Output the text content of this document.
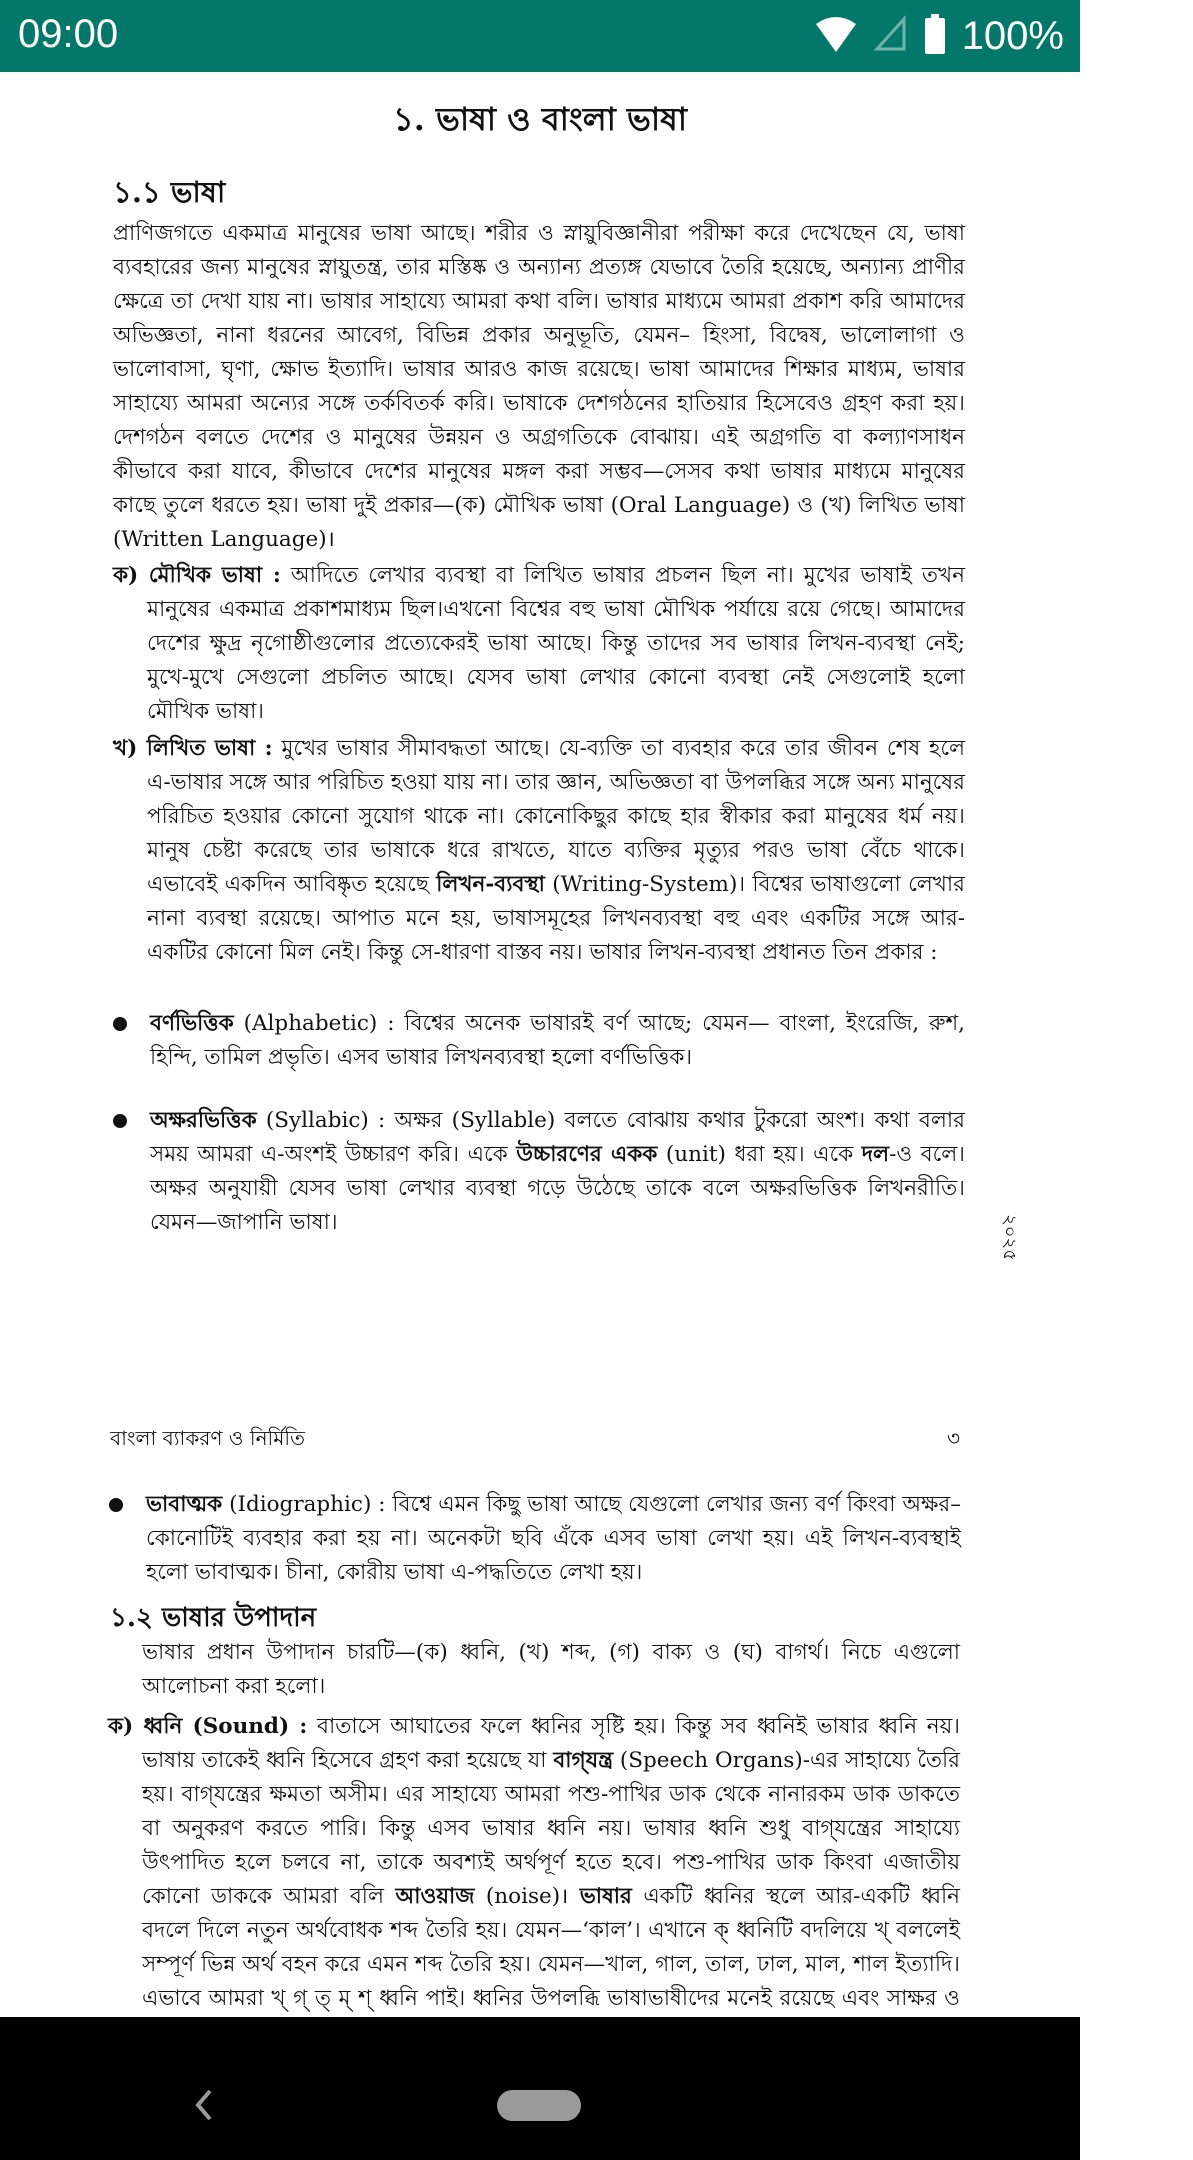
09:00	100%
১. ভাষা ও বাংলা ভাষা
১.১ ভাষা
প্রাণিজগতে একমাত্র মানুষের ভাষা আছে। শরীর ও স্নায়ুবিজ্ঞানীরা পরীক্ষা করে দেখেছেন যে, ভাষা ব্যবহারের জন্য মানুষের স্নায়ুতন্ত্র, তার মস্তিষ্ক ও অন্যান্য প্রত্যঙ্গ যেভাবে তৈরি হয়েছে, অন্যান্য প্রাণীর ক্ষেত্রে তা দেখা যায় না। ভাষার সাহায্যে আমরা কথা বলি। ভাষার মাধ্যমে আমরা প্রকাশ করি আমাদের অভিজ্ঞতা, নানা ধরনের আবেগ, বিভিন্ন প্রকার অনুভূতি, যেমন– হিংসা, বিদ্বেষ, ভালোলাগা ও ভালোবাসা, ঘৃণা, ক্ষোভ ইত্যাদি। ভাষার আরও কাজ রয়েছে। ভাষা আমাদের শিক্ষার মাধ্যম, ভাষার সাহায্যে আমরা অন্যের সঙ্গে তর্কবিতর্ক করি। ভাষাকে দেশগঠনের হাতিয়ার হিসেবেও গ্রহণ করা হয়। দেশগঠন বলতে দেশের ও মানুষের উন্নয়ন ও অগ্রগতিকে বোঝায়। এই অগ্রগতি বা কল্যাণসাধন কীভাবে করা যাবে, কীভাবে দেশের মানুষের মঙ্গল করা সম্ভব—সেসব কথা ভাষার মাধ্যমে মানুষের কাছে তুলে ধরতে হয়। ভাষা দুই প্রকার—(ক) মৌখিক ভাষা (Oral Language) ও (খ) লিখিত ভাষা (Written Language)।
ক) মৌখিক ভাষা : আদিতে লেখার ব্যবস্থা বা লিখিত ভাষার প্রচলন ছিল না। মুখের ভাষাই তখন মানুষের একমাত্র প্রকাশমাধ্যম ছিল।এখনো বিশ্বের বহু ভাষা মৌখিক পর্যায়ে রয়ে গেছে। আমাদের দেশের ক্ষুদ্র নৃগোষ্ঠীগুলোর প্রত্যেকেরই ভাষা আছে। কিন্তু তাদের সব ভাষার লিখন-ব্যবস্থা নেই; মুখে-মুখে সেগুলো প্রচলিত আছে। যেসব ভাষা লেখার কোনো ব্যবস্থা নেই সেগুলোই হলো মৌখিক ভাষা।
খ) লিখিত ভাষা : মুখের ভাষার সীমাবদ্ধতা আছে। যে-ব্যক্তি তা ব্যবহার করে তার জীবন শেষ হলে এ-ভাষার সঙ্গে আর পরিচিত হওয়া যায় না। তার জ্ঞান, অভিজ্ঞতা বা উপলব্ধির সঙ্গে অন্য মানুষের পরিচিত হওয়ার কোনো সুযোগ থাকে না। কোনোকিছুর কাছে হার স্বীকার করা মানুষের ধর্ম নয়। মানুষ চেষ্টা করেছে তার ভাষাকে ধরে রাখতে, যাতে ব্যক্তির মৃত্যুর পরও ভাষা বেঁচে থাকে। এভাবেই একদিন আবিষ্কৃত হয়েছে লিখন-ব্যবস্থা (Writing-System)। বিশ্বের ভাষাগুলো লেখার নানা ব্যবস্থা রয়েছে। আপাত মনে হয়, ভাষাসমূহের লিখনব্যবস্থা বহু এবং একটির সঙ্গে আর-একটির কোনো মিল নেই। কিন্তু সে-ধারণা বাস্তব নয়। ভাষার লিখন-ব্যবস্থা প্রধানত তিন প্রকার :
বর্ণভিত্তিক (Alphabetic) : বিশ্বের অনেক ভাষারই বর্ণ আছে; যেমন— বাংলা, ইংরেজি, রুশ, হিন্দি, তামিল প্রভৃতি। এসব ভাষার লিখনব্যবস্থা হলো বর্ণভিত্তিক।
অক্ষরভিত্তিক (Syllabic) : অক্ষর (Syllable) বলতে বোঝায় কথার টুকরো অংশ। কথা বলার সময় আমরা এ-অংশই উচ্চারণ করি। একে উচ্চারণের একক (unit) ধরা হয়। একে দল-ও বলে। অক্ষর অনুযায়ী যেসব ভাষা লেখার ব্যবস্থা গড়ে উঠেছে তাকে বলে অক্ষরভিত্তিক লিখনরীতি। যেমন—জাপানি ভাষা।	২০২৫
বাংলা ব্যাকরণ ও নির্মিতি	৩
ভাবাত্মক (Idiographic) : বিশ্বে এমন কিছু ভাষা আছে যেগুলো লেখার জন্য বর্ণ কিংবা অক্ষর– কোনোটিই ব্যবহার করা হয় না। অনেকটা ছবি এঁকে এসব ভাষা লেখা হয়। এই লিখন-ব্যবস্থাই হলো ভাবাত্মক। চীনা, কোরীয় ভাষা এ-পদ্ধতিতে লেখা হয়।
১.২ ভাষার উপাদান
ভাষার প্রধান উপাদান চারটি—(ক) ধ্বনি, (খ) শব্দ, (গ) বাক্য ও (ঘ) বাগর্থ। নিচে এগুলো আলোচনা করা হলো।
ক) ধ্বনি (Sound) : বাতাসে আঘাতের ফলে ধ্বনির সৃষ্টি হয়। কিন্তু সব ধ্বনিই ভাষার ধ্বনি নয়। ভাষায় তাকেই ধ্বনি হিসেবে গ্রহণ করা হয়েছে যা বাগ্‌যন্ত্র (Speech Organs)-এর সাহায্যে তৈরি হয়। বাগ্‌যন্ত্রের ক্ষমতা অসীম। এর সাহায্যে আমরা পশু-পাখির ডাক থেকে নানারকম ডাক ডাকতে বা অনুকরণ করতে পারি। কিন্তু এসব ভাষার ধ্বনি নয়। ভাষার ধ্বনি শুধু বাগ্‌যন্ত্রের সাহায্যে উৎপাদিত হলে চলবে না, তাকে অবশ্যই অর্থপূর্ণ হতে হবে। পশু-পাখির ডাক কিংবা এজাতীয় কোনো ডাককে আমরা বলি আওয়াজ (noise)। ভাষার একটি ধ্বনির স্থলে আর-একটি ধ্বনি বদলে দিলে নতুন অর্থবোধক শব্দ তৈরি হয়। যেমন—‘কাল’। এখানে ক্ ধ্বনিটি বদলিয়ে খ্ বললেই সম্পূর্ণ ভিন্ন অর্থ বহন করে এমন শব্দ তৈরি হয়। যেমন—খাল, গাল, তাল, ঢাল, মাল, শাল ইত্যাদি। এভাবে আমরা খ্ গ্ ত্ ম্ শ্ ধ্বনি পাই। ধ্বনির উপলব্ধি ভাষাভাষীদের মনেই রয়েছে এবং সাক্ষর ও
